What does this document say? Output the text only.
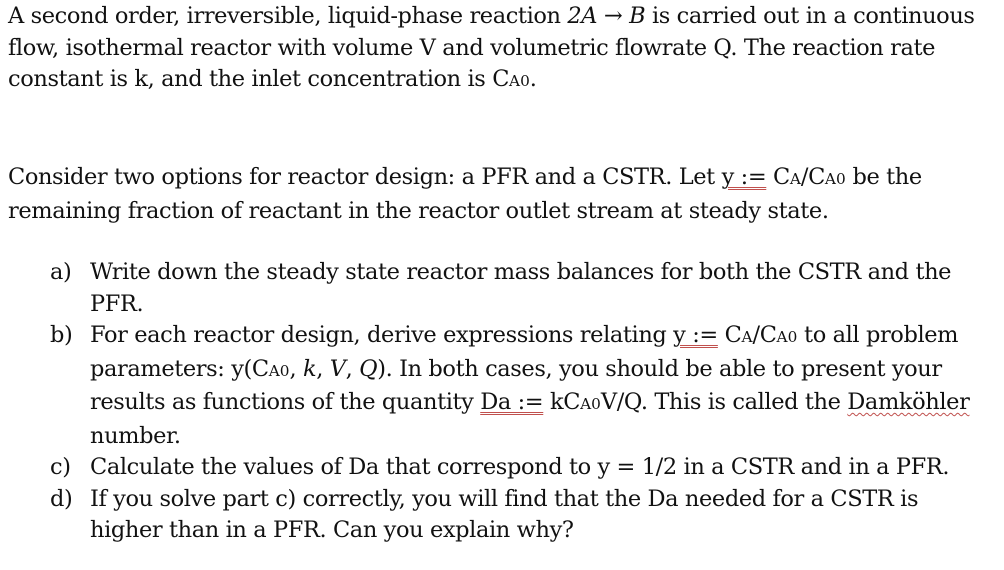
A second order, irreversible, liquid-phase reaction 2A → B is carried out in a continuous flow, isothermal reactor with volume V and volumetric flowrate Q. The reaction rate constant is k, and the inlet concentration is CA0.

Consider two options for reactor design: a PFR and a CSTR. Let y := CA/CA0 be the remaining fraction of reactant in the reactor outlet stream at steady state.

a) Write down the steady state reactor mass balances for both the CSTR and the PFR.
b) For each reactor design, derive expressions relating y := CA/CA0 to all problem parameters: y(CA0, k, V, Q). In both cases, you should be able to present your results as functions of the quantity Da := kCA0V/Q. This is called the Damköhler number.
c) Calculate the values of Da that correspond to y = 1/2 in a CSTR and in a PFR.
d) If you solve part c) correctly, you will find that the Da needed for a CSTR is higher than in a PFR. Can you explain why?
